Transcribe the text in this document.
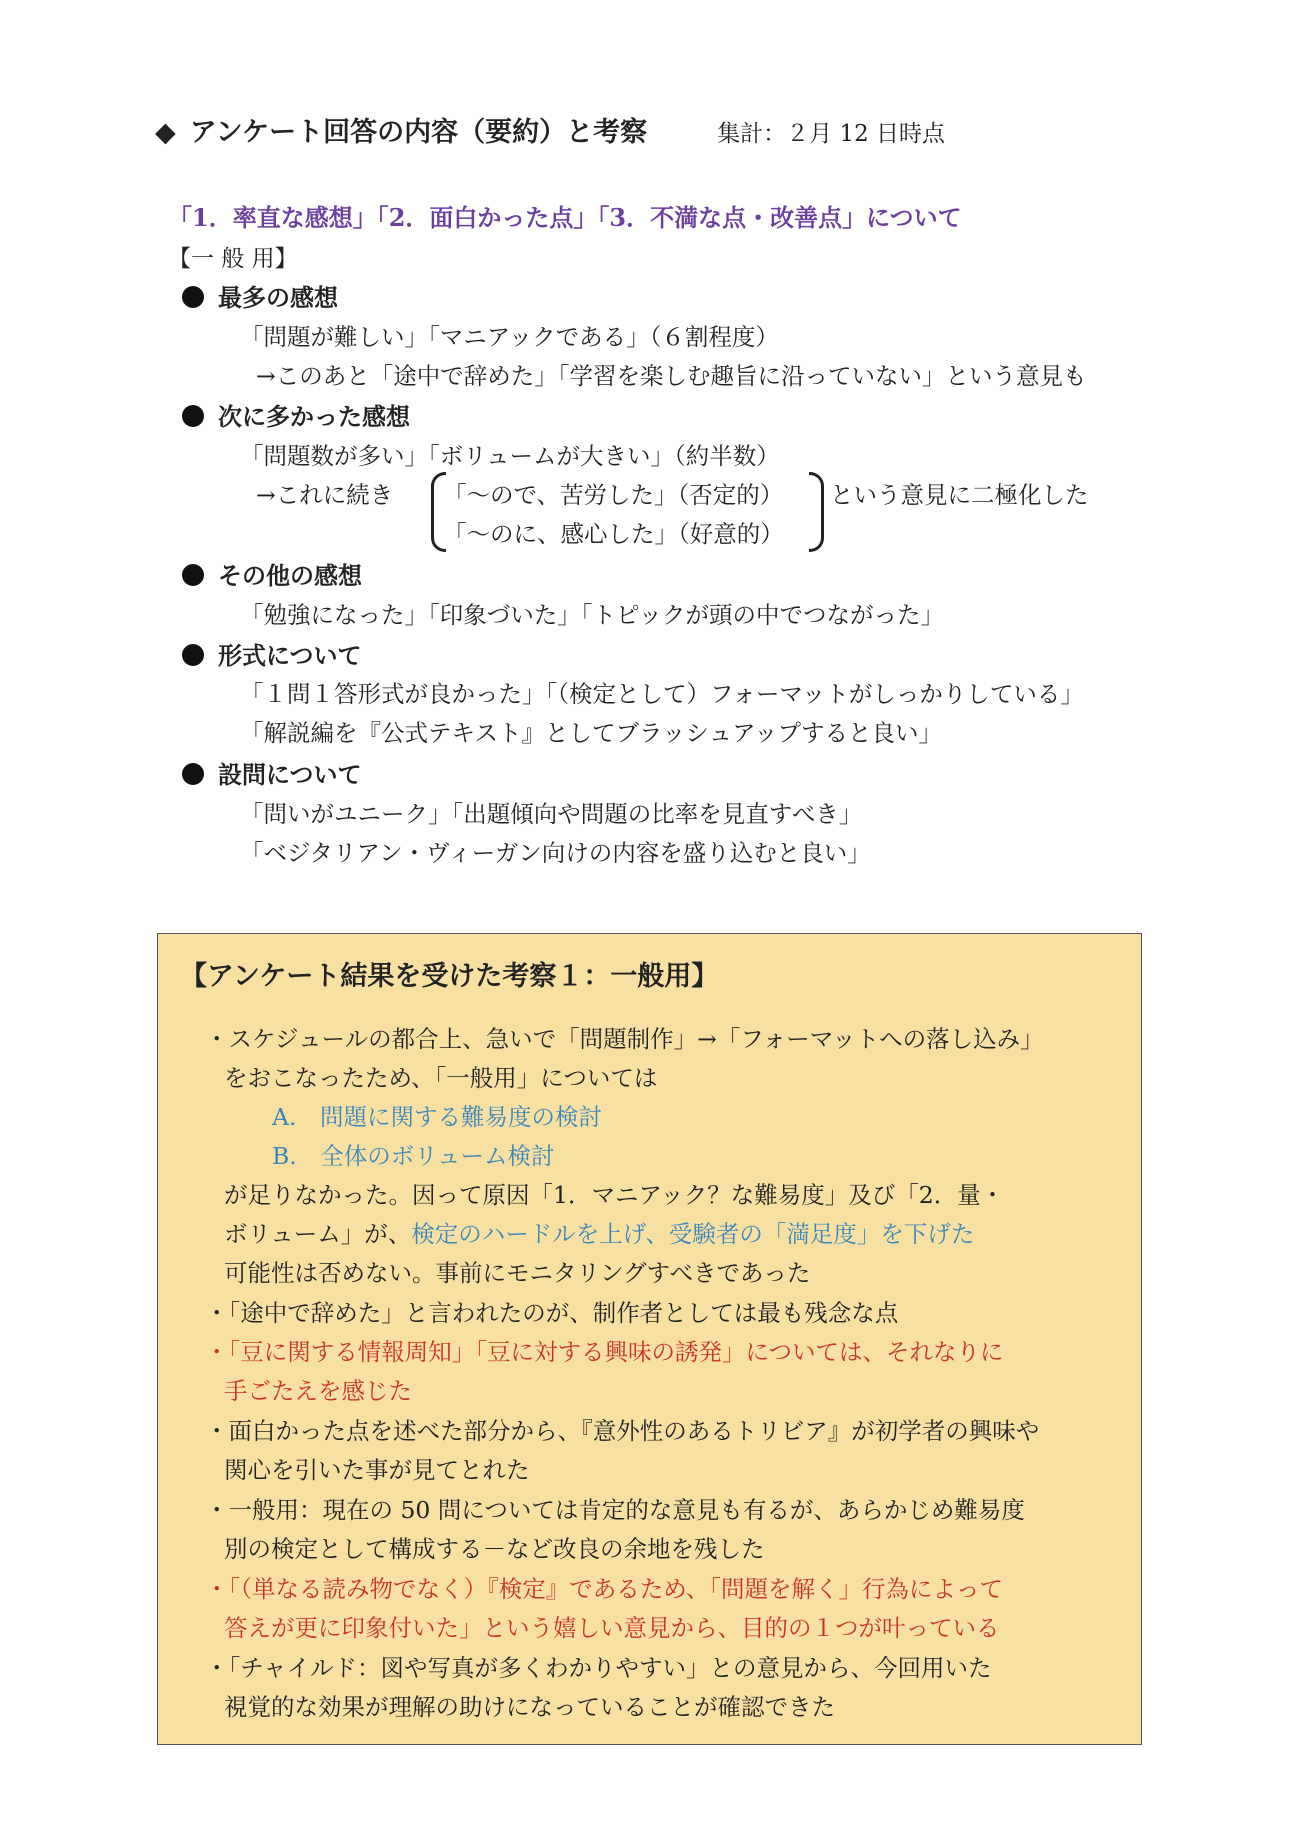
◆ アンケート回答の内容（要約）と考察	集計：２月 12 日時点
「1．率直な感想」「2．面白かった点」「3．不満な点・改善点」について
【一 般 用】
最多の感想
「問題が難しい」「マニアックである」（６割程度）
→このあと「途中で辞めた」「学習を楽しむ趣旨に沿っていない」という意見も
次に多かった感想
「問題数が多い」「ボリュームが大きい」（約半数）
→これに続き 「～ので、苦労した」（否定的）
「～のに、感心した」（好意的）
という意見に二極化した
その他の感想
「勉強になった」「印象づいた」「トピックが頭の中でつながった」
形式について
「１問１答形式が良かった」「（検定として）フォーマットがしっかりしている」
「解説編を『公式テキスト』としてブラッシュアップすると良い」
設問について
「問いがユニーク」「出題傾向や問題の比率を見直すべき」
「ベジタリアン・ヴィーガン向けの内容を盛り込むと良い」
【アンケート結果を受けた考察１：一般用】
・スケジュールの都合上、急いで「問題制作」→「フォーマットへの落し込み」
をおこなったため、「一般用」については
A.　問題に関する難易度の検討
B.　全体のボリューム検討
が足りなかった。因って原因「1．マニアック？な難易度」及び「2．量・
ボリューム」が、検定のハードルを上げ、受験者の「満足度」を下げた
可能性は否めない。事前にモニタリングすべきであった
・「途中で辞めた」と言われたのが、制作者としては最も残念な点
・「豆に関する情報周知」「豆に対する興味の誘発」については、それなりに
手ごたえを感じた
・面白かった点を述べた部分から、『意外性のあるトリビア』が初学者の興味や
関心を引いた事が見てとれた
・一般用：現在の 50 問については肯定的な意見も有るが、あらかじめ難易度
別の検定として構成する－など改良の余地を残した
・「（単なる読み物でなく）『検定』であるため、「問題を解く」行為によって
答えが更に印象付いた」という嬉しい意見から、目的の１つが叶っている
・「チャイルド：図や写真が多くわかりやすい」との意見から、今回用いた
視覚的な効果が理解の助けになっていることが確認できた
